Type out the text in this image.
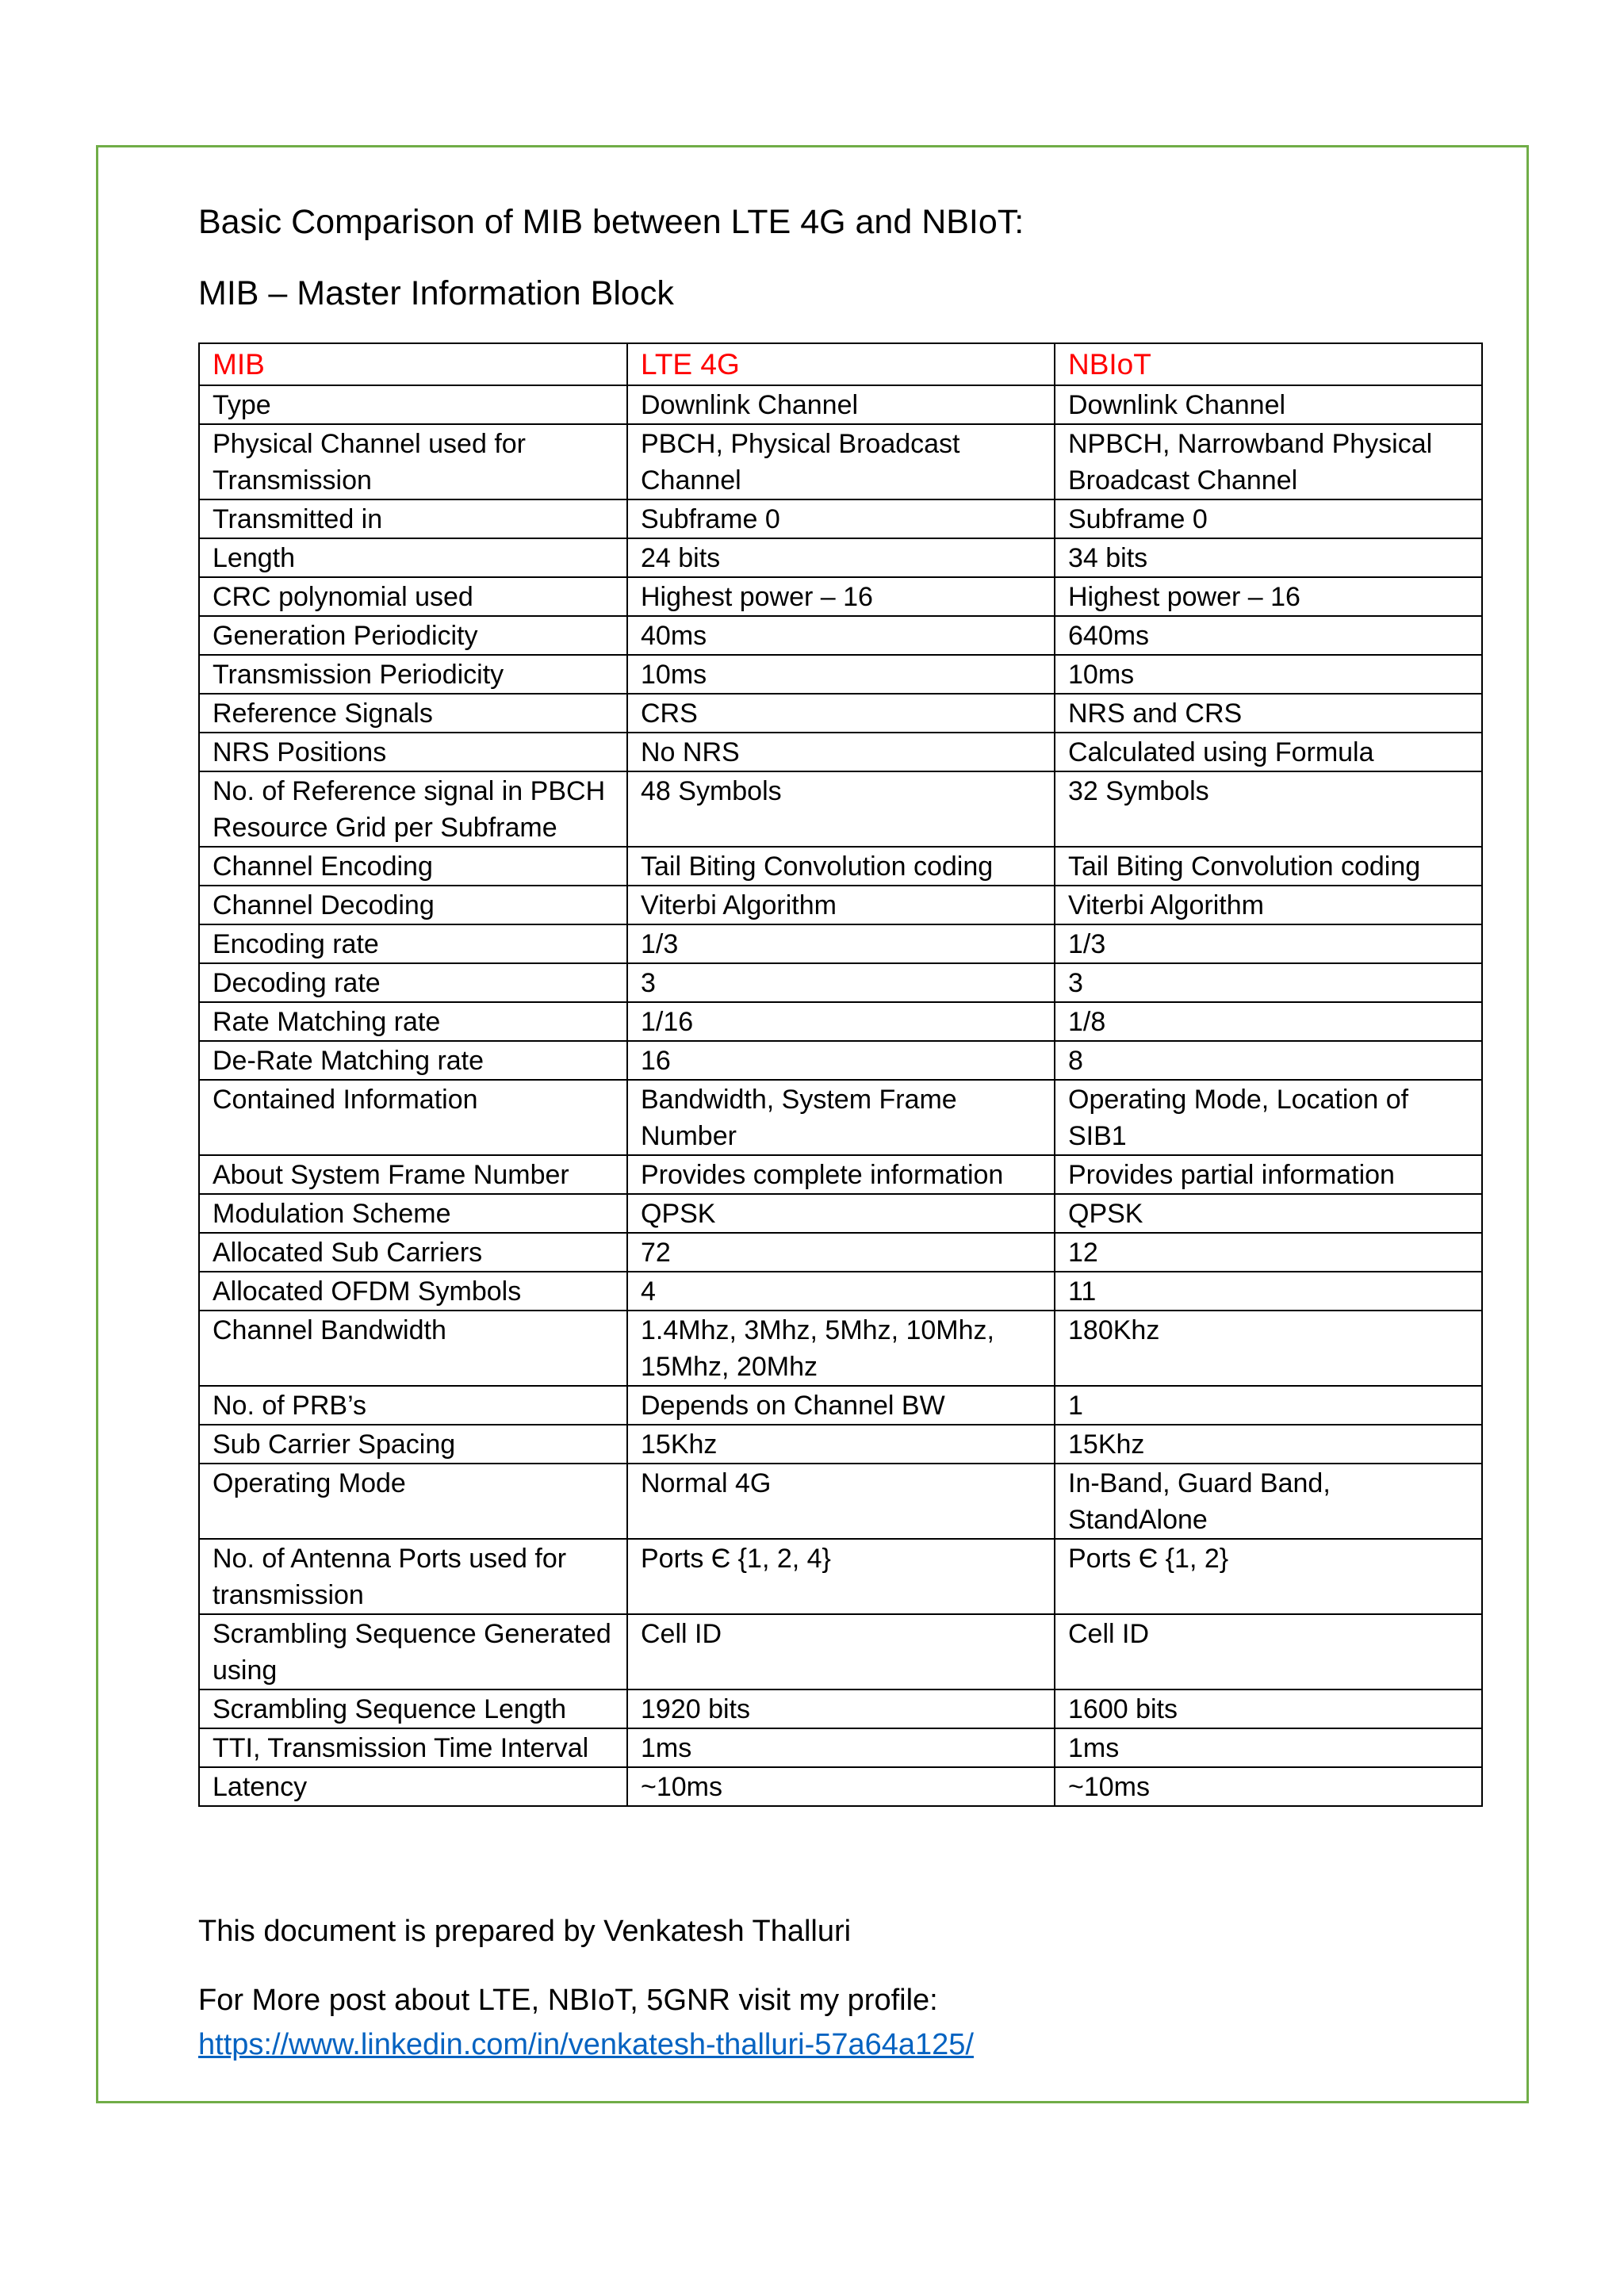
Basic Comparison of MIB between LTE 4G and NBIoT:
MIB – Master Information Block
MIB	LTE 4G	NBIoT
Type	Downlink Channel	Downlink Channel
Physical Channel used for Transmission	PBCH, Physical Broadcast Channel	NPBCH, Narrowband Physical Broadcast Channel
Transmitted in	Subframe 0	Subframe 0
Length	24 bits	34 bits
CRC polynomial used	Highest power – 16	Highest power – 16
Generation Periodicity	40ms	640ms
Transmission Periodicity	10ms	10ms
Reference Signals	CRS	NRS and CRS
NRS Positions	No NRS	Calculated using Formula
No. of Reference signal in PBCH Resource Grid per Subframe	48 Symbols	32 Symbols
Channel Encoding	Tail Biting Convolution coding	Tail Biting Convolution coding
Channel Decoding	Viterbi Algorithm	Viterbi Algorithm
Encoding rate	1/3	1/3
Decoding rate	3	3
Rate Matching rate	1/16	1/8
De-Rate Matching rate	16	8
Contained Information	Bandwidth, System Frame Number	Operating Mode, Location of SIB1
About System Frame Number	Provides complete information	Provides partial information
Modulation Scheme	QPSK	QPSK
Allocated Sub Carriers	72	12
Allocated OFDM Symbols	4	11
Channel Bandwidth	1.4Mhz, 3Mhz, 5Mhz, 10Mhz, 15Mhz, 20Mhz	180Khz
No. of PRB’s	Depends on Channel BW	1
Sub Carrier Spacing	15Khz	15Khz
Operating Mode	Normal 4G	In-Band, Guard Band, StandAlone
No. of Antenna Ports used for transmission	Ports Є {1, 2, 4}	Ports Є {1, 2}
Scrambling Sequence Generated using	Cell ID	Cell ID
Scrambling Sequence Length	1920 bits	1600 bits
TTI, Transmission Time Interval	1ms	1ms
Latency	~10ms	~10ms

This document is prepared by Venkatesh Thalluri

For More post about LTE, NBIoT, 5GNR visit my profile:

https://www.linkedin.com/in/venkatesh-thalluri-57a64a125/
